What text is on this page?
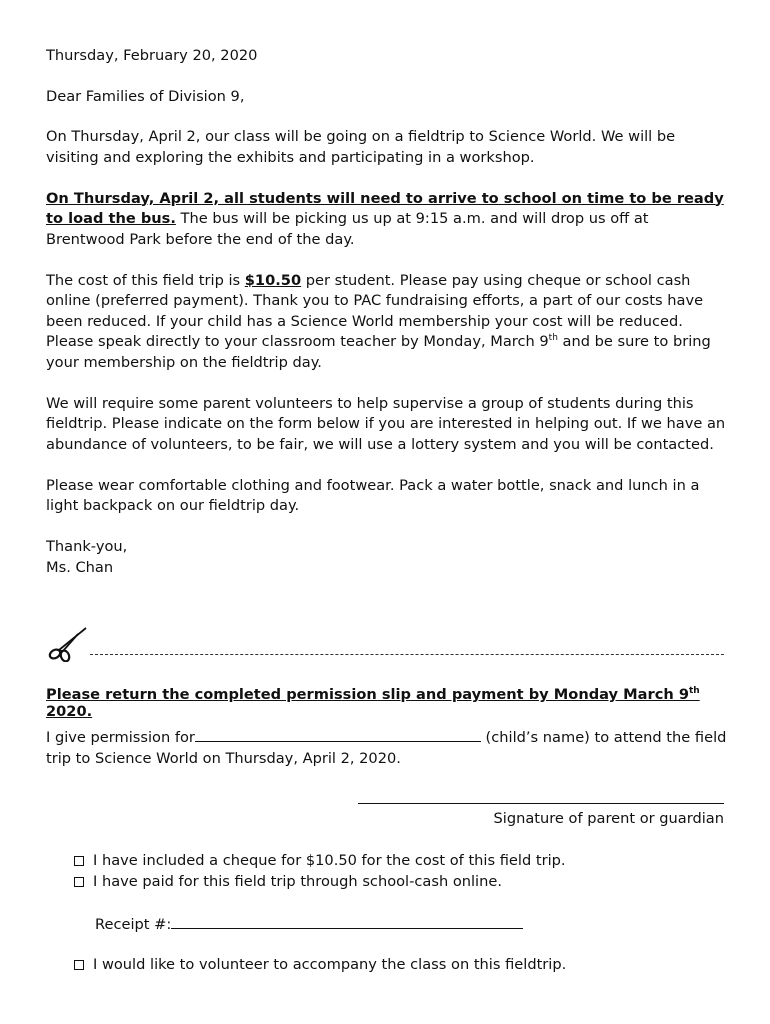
Thursday, February 20, 2020

Dear Families of Division 9,

On Thursday, April 2, our class will be going on a fieldtrip to Science World. We will be visiting and exploring the exhibits and participating in a workshop.

On Thursday, April 2, all students will need to arrive to school on time to be ready to load the bus. The bus will be picking us up at 9:15 a.m. and will drop us off at Brentwood Park before the end of the day.

The cost of this field trip is $10.50 per student. Please pay using cheque or school cash online (preferred payment). Thank you to PAC fundraising efforts, a part of our costs have been reduced. If your child has a Science World membership your cost will be reduced. Please speak directly to your classroom teacher by Monday, March 9th and be sure to bring your membership on the fieldtrip day.

We will require some parent volunteers to help supervise a group of students during this fieldtrip. Please indicate on the form below if you are interested in helping out. If we have an abundance of volunteers, to be fair, we will use a lottery system and you will be contacted.

Please wear comfortable clothing and footwear. Pack a water bottle, snack and lunch in a light backpack on our fieldtrip day.

Thank-you,

Ms. Chan

Please return the completed permission slip and payment by Monday March 9th 2020.

I give permission for	(child’s name) to attend the field trip to Science World on Thursday, April 2, 2020.

Signature of parent or guardian

I have included a cheque for $10.50 for the cost of this field trip.
I have paid for this field trip through school-cash online.

Receipt #:

I would like to volunteer to accompany the class on this fieldtrip.
